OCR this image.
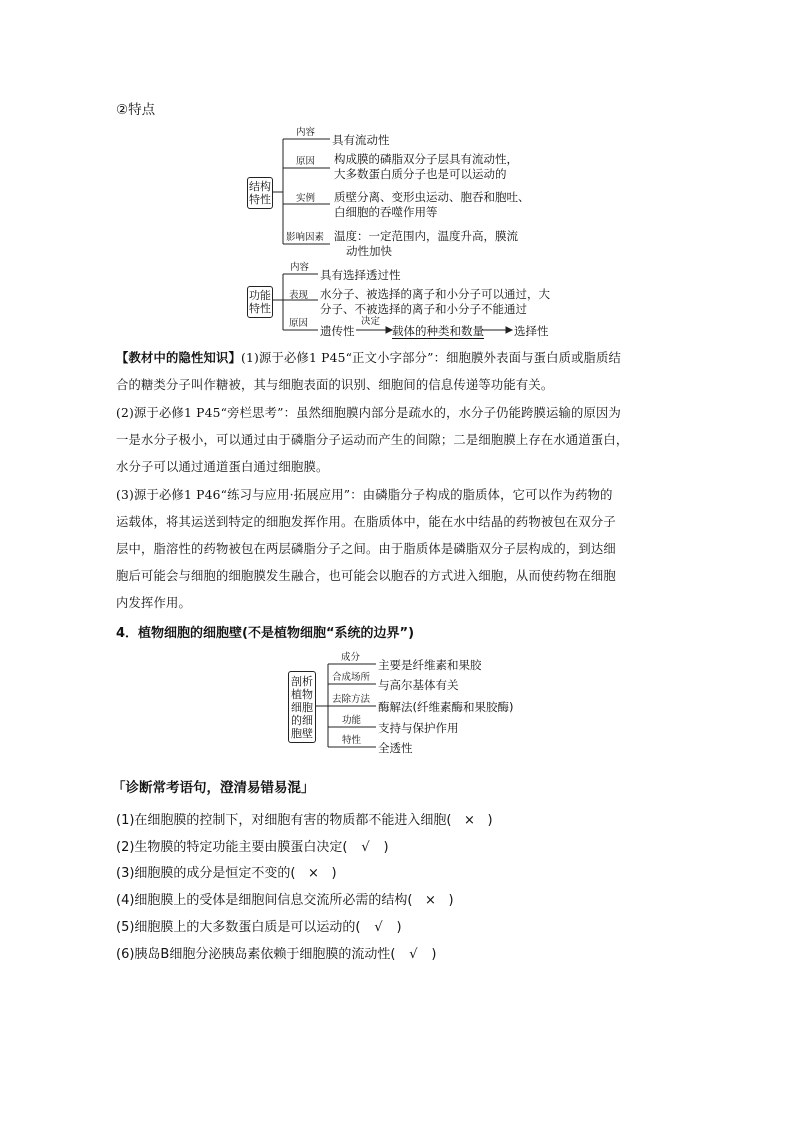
②特点
结构
特性
内容
具有流动性
原因 构成膜的磷脂双分子层具有流动性，
大多数蛋白质分子也是可以运动的
实例 质壁分离、变形虫运动、胞吞和胞吐、
白细胞的吞噬作用等
影响因素 温度：一定范围内，温度升高，膜流
动性加快
功能
特性
内容
具有选择透过性
表现 水分子、被选择的离子和小分子可以通过，大
分子、不被选择的离子和小分子不能通过
原因
遗传性
决定
载体的种类和数量	选择性
【教材中的隐性知识】(1)源于必修1 P45“正文小字部分”：细胞膜外表面与蛋白质或脂质结
合的糖类分子叫作糖被，其与细胞表面的识别、细胞间的信息传递等功能有关。
(2)源于必修1 P45“旁栏思考”：虽然细胞膜内部分是疏水的，水分子仍能跨膜运输的原因为
一是水分子极小，可以通过由于磷脂分子运动而产生的间隙；二是细胞膜上存在水通道蛋白，
水分子可以通过通道蛋白通过细胞膜。
(3)源于必修1 P46“练习与应用·拓展应用”：由磷脂分子构成的脂质体，它可以作为药物的
运载体，将其运送到特定的细胞发挥作用。在脂质体中，能在水中结晶的药物被包在双分子
层中，脂溶性的药物被包在两层磷脂分子之间。由于脂质体是磷脂双分子层构成的，到达细
胞后可能会与细胞的细胞膜发生融合，也可能会以胞吞的方式进入细胞，从而使药物在细胞
内发挥作用。
4．植物细胞的细胞壁(不是植物细胞“系统的边界”)
剖析
植物
细胞
的细
胞壁
成分
主要是纤维素和果胶
合成场所
与高尔基体有关
去除方法
酶解法(纤维素酶和果胶酶)
功能
支持与保护作用
特性
全透性
「诊断常考语句，澄清易错易混」
(1)在细胞膜的控制下，对细胞有害的物质都不能进入细胞( × )
(2)生物膜的特定功能主要由膜蛋白决定( √ )
(3)细胞膜的成分是恒定不变的( × )
(4)细胞膜上的受体是细胞间信息交流所必需的结构( × )
(5)细胞膜上的大多数蛋白质是可以运动的( √ )
(6)胰岛B细胞分泌胰岛素依赖于细胞膜的流动性( √ )
